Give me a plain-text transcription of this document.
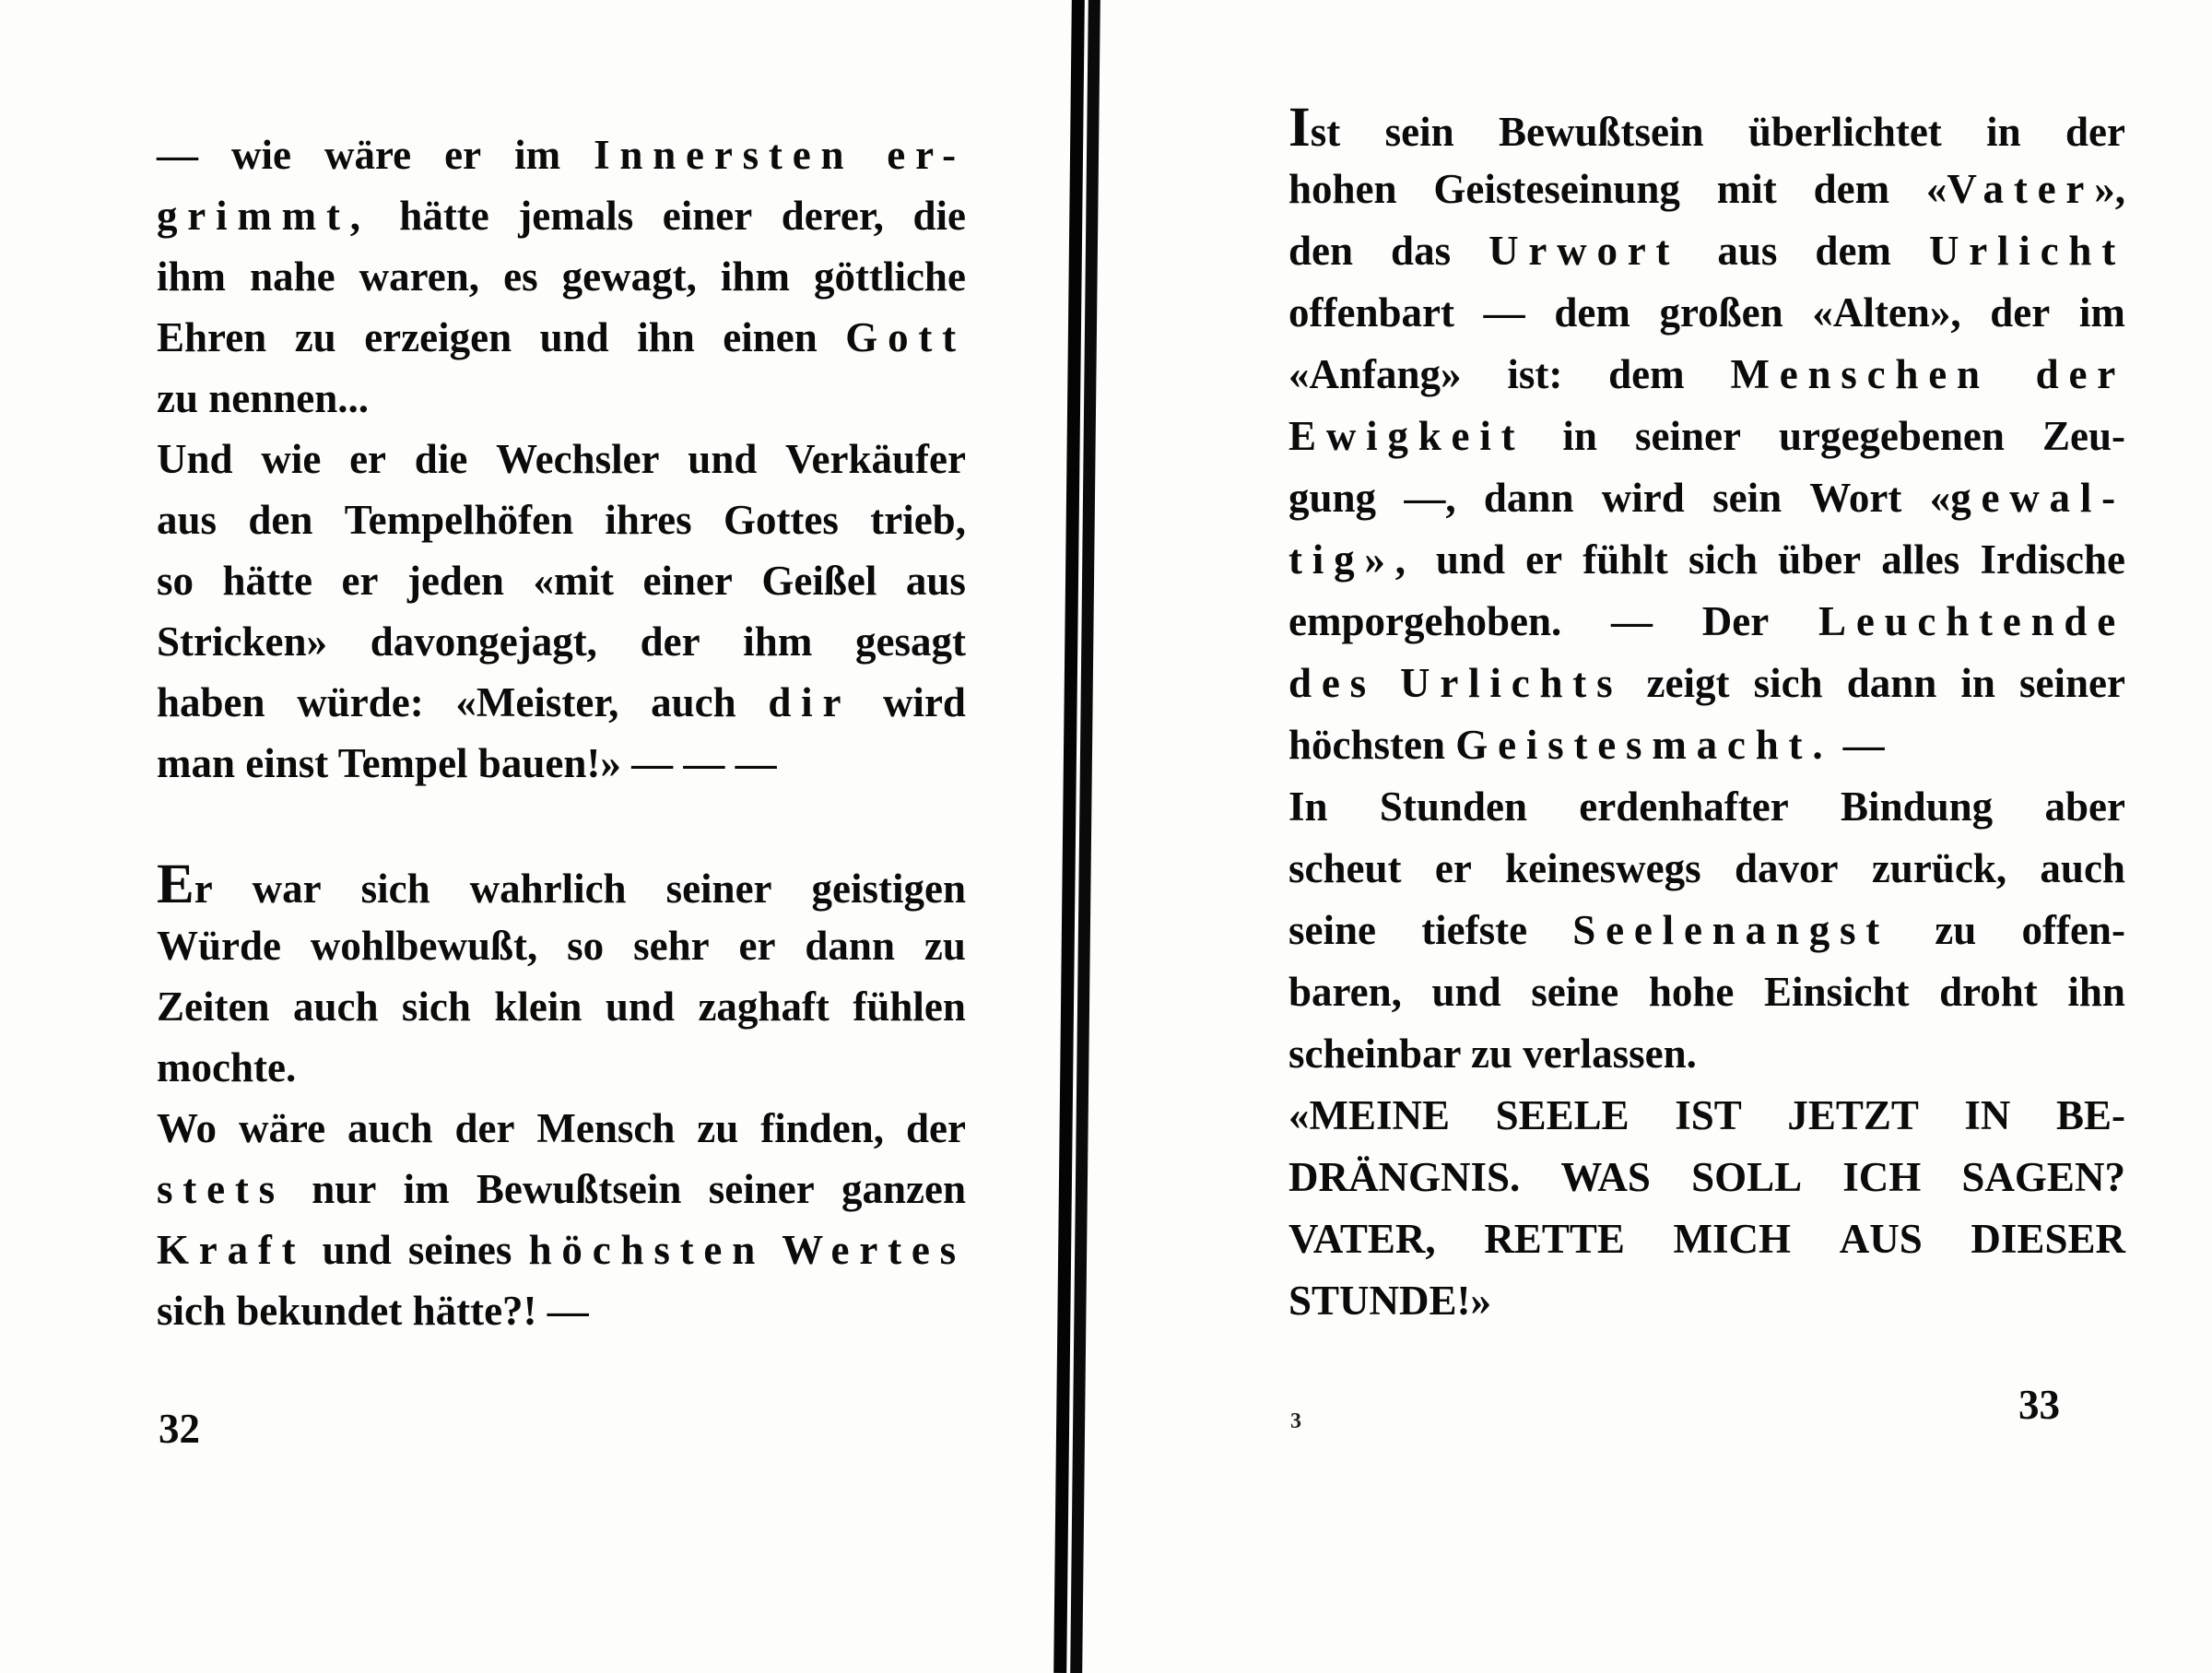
— wie wäre er im Innersten er-
grimmt, hätte jemals einer derer, die
ihm nahe waren, es gewagt, ihm göttliche
Ehren zu erzeigen und ihn einen Gott
zu nennen...
Und wie er die Wechsler und Verkäufer
aus den Tempelhöfen ihres Gottes trieb,
so hätte er jeden «mit einer Geißel aus
Stricken» davongejagt, der ihm gesagt
haben würde: «Meister, auch dir wird
man einst Tempel bauen!» — — —
Er war sich wahrlich seiner geistigen
Würde wohlbewußt, so sehr er dann zu
Zeiten auch sich klein und zaghaft fühlen
mochte.
Wo wäre auch der Mensch zu finden, der
stets nur im Bewußtsein seiner ganzen
Kraft und seines höchsten Wertes
sich bekundet hätte?! —
32
Ist sein Bewußtsein überlichtet in der
hohen Geisteseinung mit dem «Vater»,
den das Urwort aus dem Urlicht
offenbart — dem großen «Alten», der im
«Anfang» ist: dem Menschen der
Ewigkeit in seiner urgegebenen Zeu-
gung —, dann wird sein Wort «gewal-
tig», und er fühlt sich über alles Irdische
emporgehoben. — Der Leuchtende
des Urlichts zeigt sich dann in seiner
höchsten Geistesmacht. —
In Stunden erdenhafter Bindung aber
scheut er keineswegs davor zurück, auch
seine tiefste Seelenangst zu offen-
baren, und seine hohe Einsicht droht ihn
scheinbar zu verlassen.
«MEINE SEELE IST JETZT IN BE-
DRÄNGNIS. WAS SOLL ICH SAGEN?
VATER, RETTE MICH AUS DIESER
STUNDE!»
3	33
